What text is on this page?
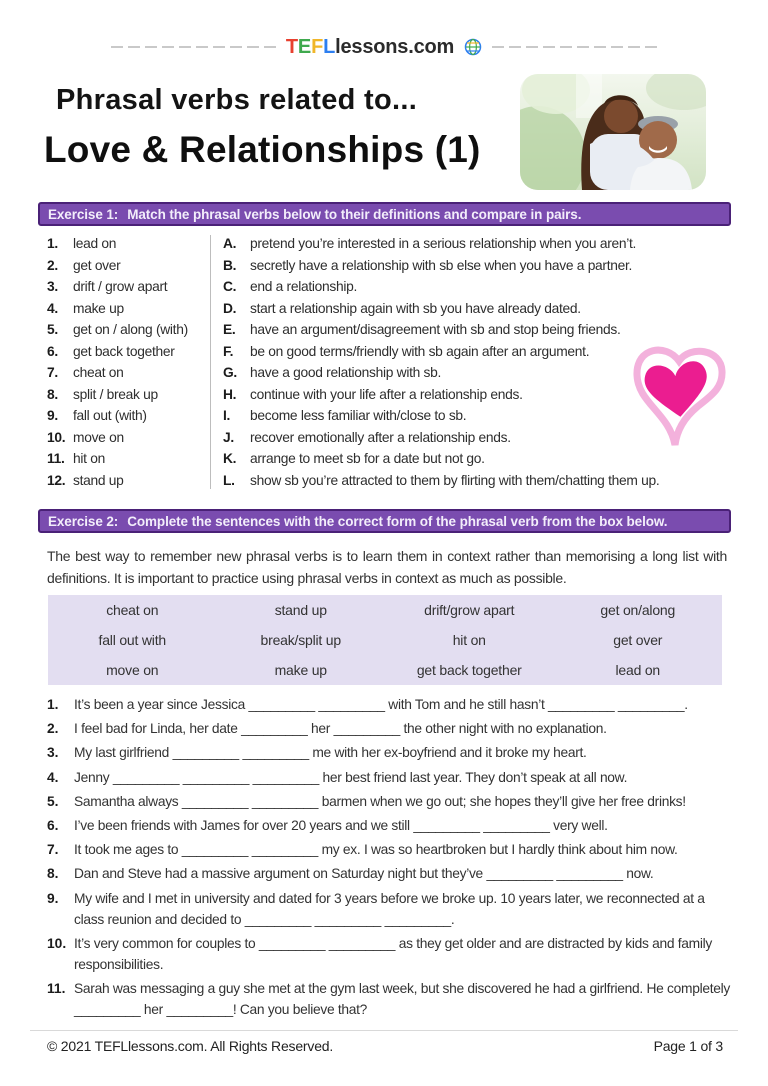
TEFLlessons.com
Phrasal verbs related to...
Love & Relationships (1)
Exercise 1: Match the phrasal verbs below to their definitions and compare in pairs.
1.	lead on
2.	get over
3.	drift / grow apart
4.	make up
5.	get on / along (with)
6.	get back together
7.	cheat on
8.	split / break up
9.	fall out (with)
10. move on
11. hit on
12. stand up
A. pretend you’re interested in a serious relationship when you aren’t.
B. secretly have a relationship with sb else when you have a partner.
C. end a relationship.
D. start a relationship again with sb you have already dated.
E.	have an argument/disagreement with sb and stop being friends.
F.	be on good terms/friendly with sb again after an argument.
G. have a good relationship with sb.
H. continue with your life after a relationship ends.
I.	become less familiar with/close to sb.
J.	recover emotionally after a relationship ends.
K. arrange to meet sb for a date but not go.
L.	show sb you’re attracted to them by flirting with them/chatting them up.
Exercise 2: Complete the sentences with the correct form of the phrasal verb from the box below.

The best way to remember new phrasal verbs is to learn them in context rather than memorising a long list with definitions. It is important to practice using phrasal verbs in context as much as possible.

cheat on	stand up	drift/grow apart	get on/along
fall out with	break/split up	hit on	get over
move on	make up	get back together	lead on
1.	It’s been a year since Jessica _________ _________ with Tom and he still hasn’t _________ _________.
2.	I feel bad for Linda, her date _________ her _________ the other night with no explanation.
3.	My last girlfriend _________ _________ me with her ex-boyfriend and it broke my heart.
4.	Jenny _________ _________ _________ her best friend last year. They don’t speak at all now.
5.	Samantha always _________ _________ barmen when we go out; she hopes they’ll give her free drinks!
6.	I’ve been friends with James for over 20 years and we still _________ _________ very well.
7.	It took me ages to _________ _________ my ex. I was so heartbroken but I hardly think about him now.
8.	Dan and Steve had a massive argument on Saturday night but they’ve _________ _________ now.
9.	My wife and I met in university and dated for 3 years before we broke up. 10 years later, we reconnected at a class reunion and decided to _________ _________ _________.
10. It’s very common for couples to _________ _________ as they get older and are distracted by kids and family responsibilities.
11. Sarah was messaging a guy she met at the gym last week, but she discovered he had a girlfriend. He completely _________ her _________! Can you believe that?
© 2021 TEFLlessons.com. All Rights Reserved.	Page 1 of 3
